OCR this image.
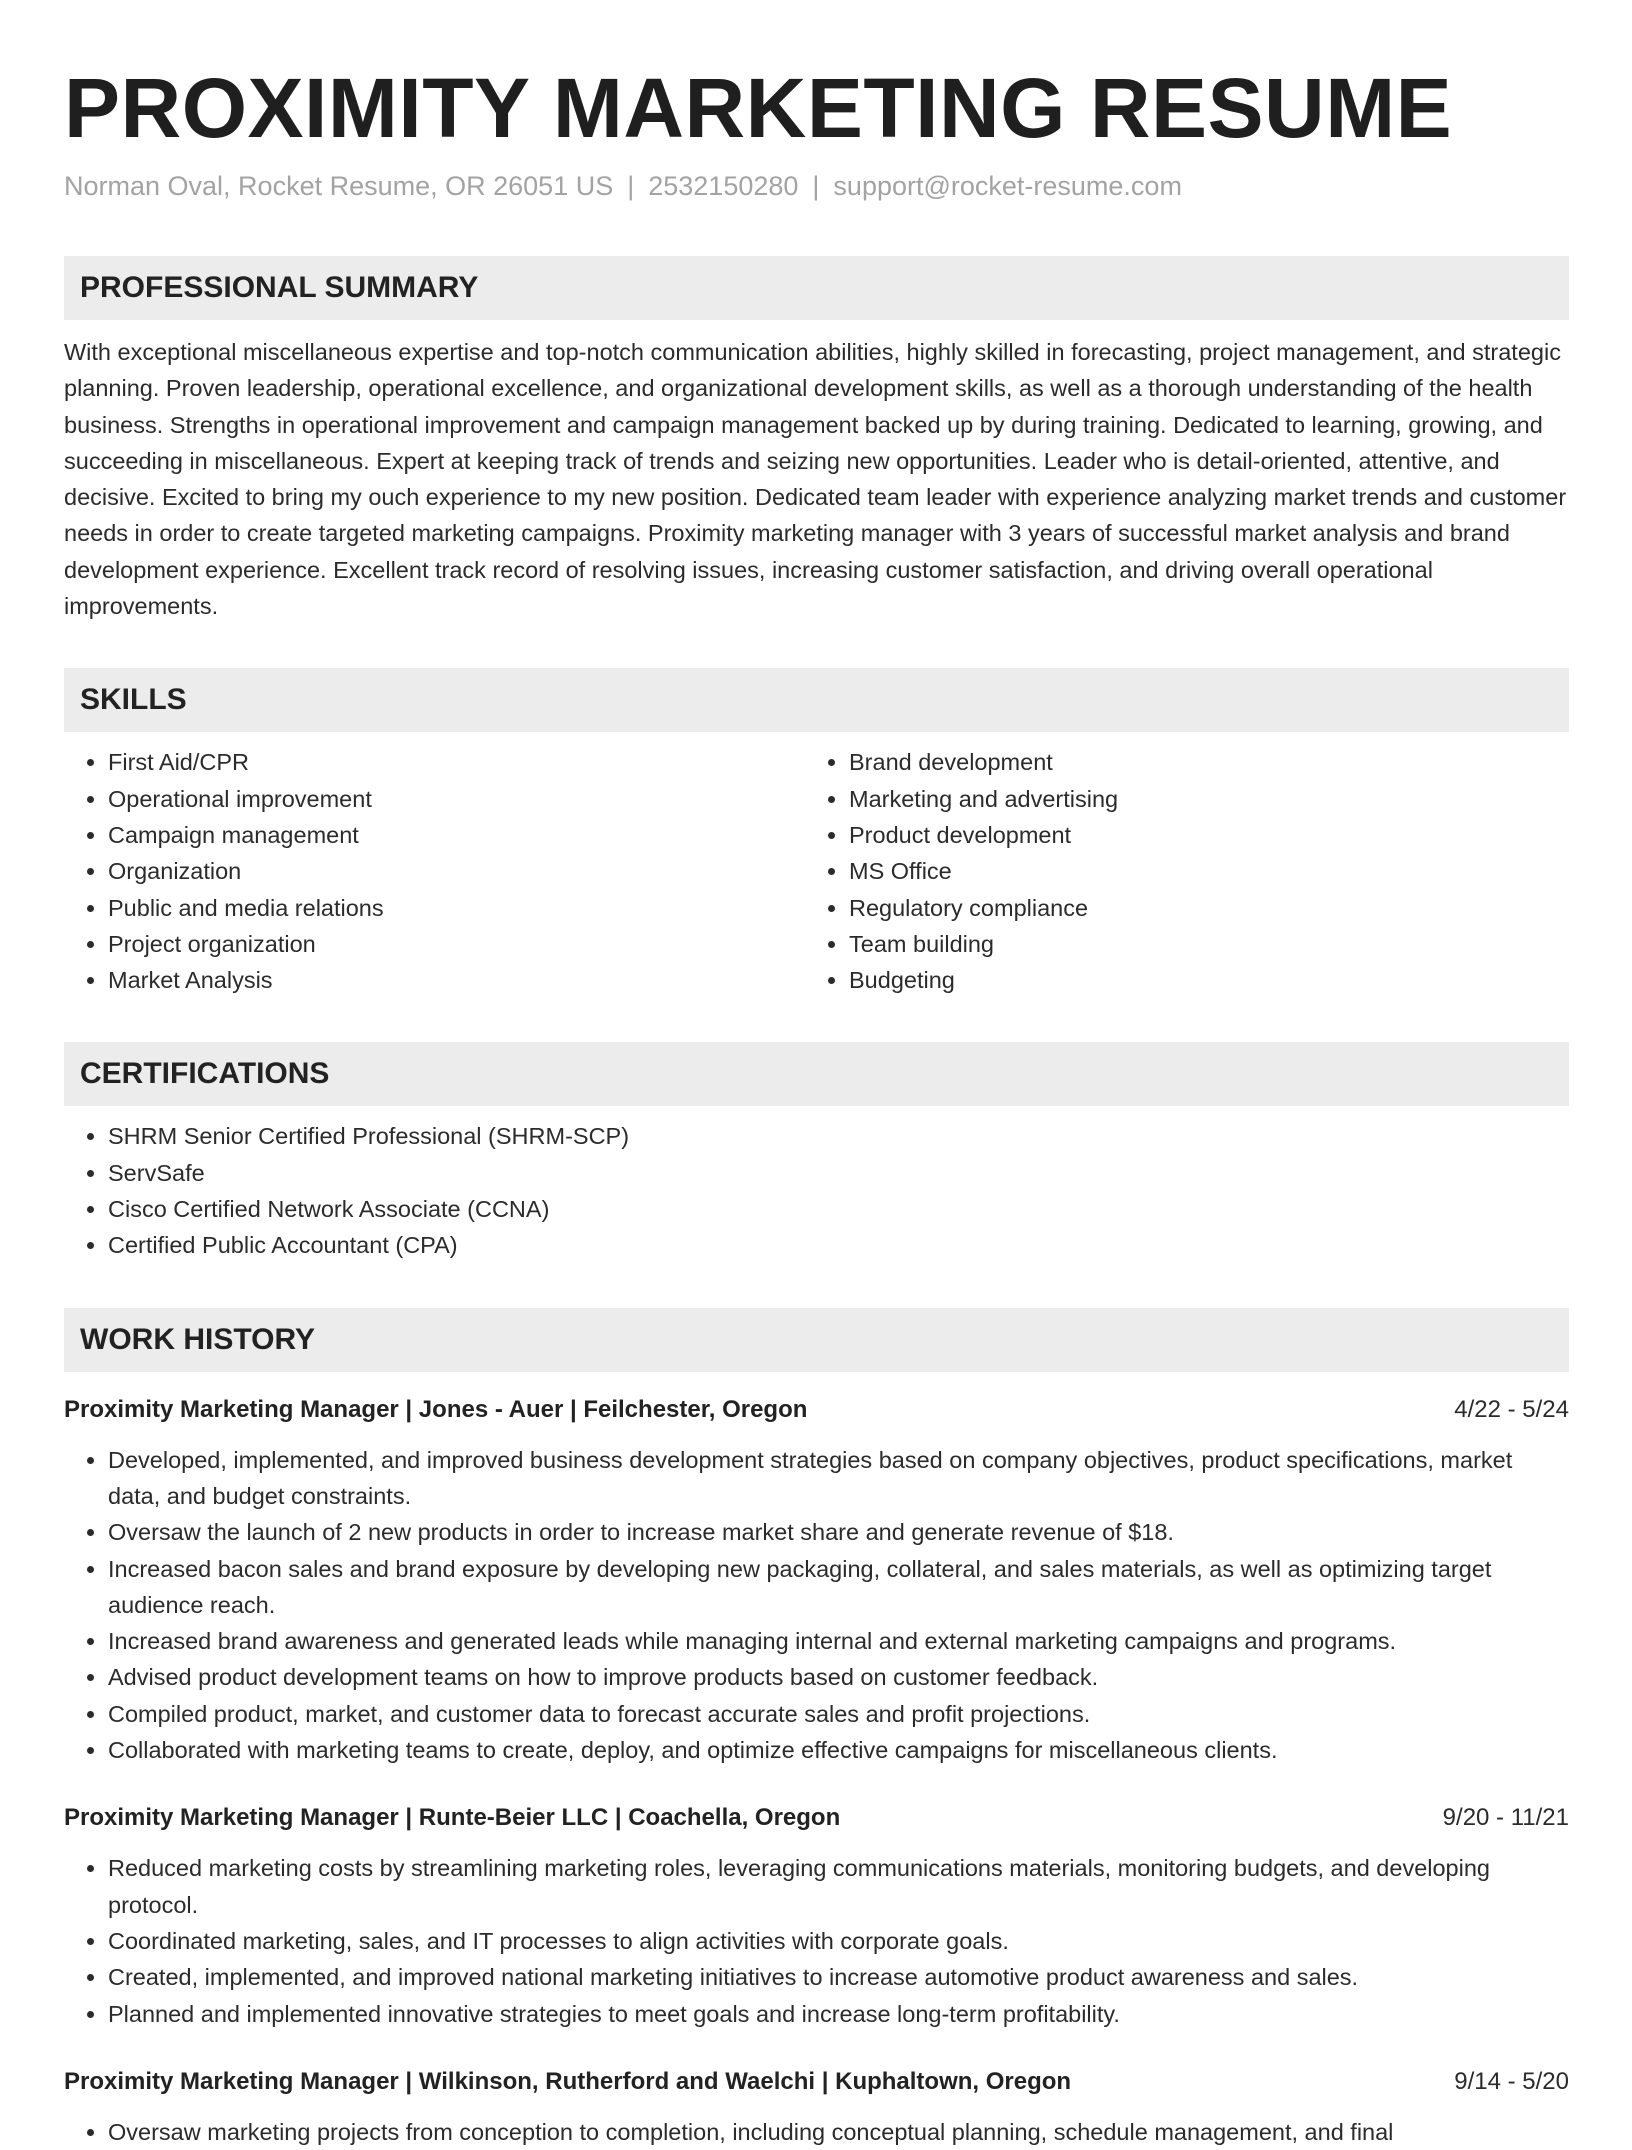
PROXIMITY MARKETING RESUME
Norman Oval, Rocket Resume, OR 26051 US | 2532150280 | support@rocket-resume.com
PROFESSIONAL SUMMARY
With exceptional miscellaneous expertise and top-notch communication abilities, highly skilled in forecasting, project management, and strategic planning. Proven leadership, operational excellence, and organizational development skills, as well as a thorough understanding of the health business. Strengths in operational improvement and campaign management backed up by during training. Dedicated to learning, growing, and succeeding in miscellaneous. Expert at keeping track of trends and seizing new opportunities. Leader who is detail-oriented, attentive, and decisive. Excited to bring my ouch experience to my new position. Dedicated team leader with experience analyzing market trends and customer needs in order to create targeted marketing campaigns. Proximity marketing manager with 3 years of successful market analysis and brand development experience. Excellent track record of resolving issues, increasing customer satisfaction, and driving overall operational improvements.
SKILLS
• First Aid/CPR
• Operational improvement
• Campaign management
• Organization
• Public and media relations
• Project organization
• Market Analysis
• Brand development
• Marketing and advertising
• Product development
• MS Office
• Regulatory compliance
• Team building
• Budgeting
CERTIFICATIONS
• SHRM Senior Certified Professional (SHRM-SCP)
• ServSafe
• Cisco Certified Network Associate (CCNA)
• Certified Public Accountant (CPA)
WORK HISTORY
Proximity Marketing Manager | Jones - Auer | Feilchester, Oregon	4/22 - 5/24
• Developed, implemented, and improved business development strategies based on company objectives, product specifications, market data, and budget constraints.
• Oversaw the launch of 2 new products in order to increase market share and generate revenue of $18.
• Increased bacon sales and brand exposure by developing new packaging, collateral, and sales materials, as well as optimizing target audience reach.
• Increased brand awareness and generated leads while managing internal and external marketing campaigns and programs.
• Advised product development teams on how to improve products based on customer feedback.
• Compiled product, market, and customer data to forecast accurate sales and profit projections.
• Collaborated with marketing teams to create, deploy, and optimize effective campaigns for miscellaneous clients.
Proximity Marketing Manager | Runte-Beier LLC | Coachella, Oregon	9/20 - 11/21
• Reduced marketing costs by streamlining marketing roles, leveraging communications materials, monitoring budgets, and developing protocol.
• Coordinated marketing, sales, and IT processes to align activities with corporate goals.
• Created, implemented, and improved national marketing initiatives to increase automotive product awareness and sales.
• Planned and implemented innovative strategies to meet goals and increase long-term profitability.
Proximity Marketing Manager | Wilkinson, Rutherford and Waelchi | Kuphaltown, Oregon	9/14 - 5/20
• Oversaw marketing projects from conception to completion, including conceptual planning, schedule management, and final
